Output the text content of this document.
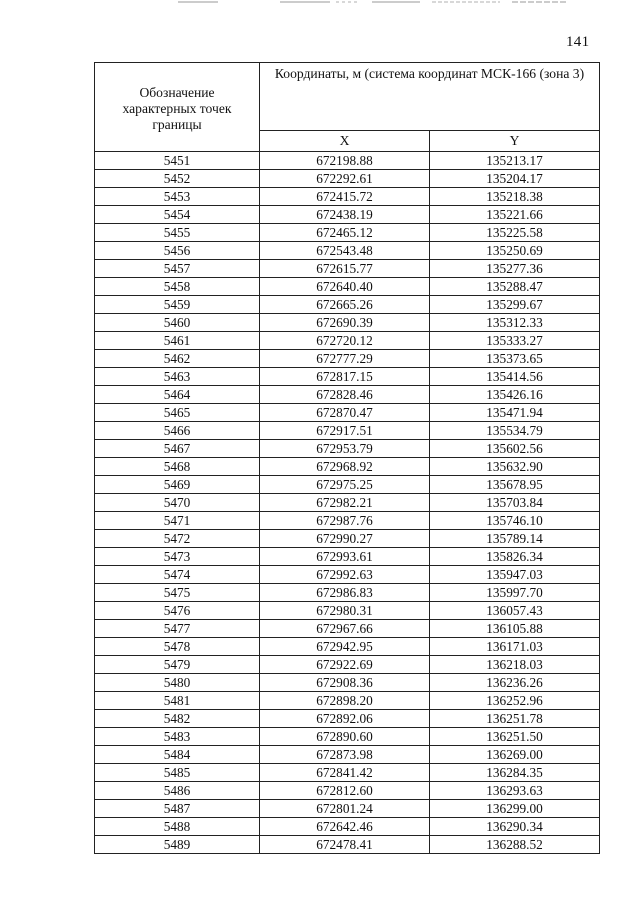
141
Обозначение характерных точек границы	Координаты, м (система координат МСК-166 (зона 3)	
	X	Y
5451	672198.88	135213.17
5452	672292.61	135204.17
5453	672415.72	135218.38
5454	672438.19	135221.66
5455	672465.12	135225.58
5456	672543.48	135250.69
5457	672615.77	135277.36
5458	672640.40	135288.47
5459	672665.26	135299.67
5460	672690.39	135312.33
5461	672720.12	135333.27
5462	672777.29	135373.65
5463	672817.15	135414.56
5464	672828.46	135426.16
5465	672870.47	135471.94
5466	672917.51	135534.79
5467	672953.79	135602.56
5468	672968.92	135632.90
5469	672975.25	135678.95
5470	672982.21	135703.84
5471	672987.76	135746.10
5472	672990.27	135789.14
5473	672993.61	135826.34
5474	672992.63	135947.03
5475	672986.83	135997.70
5476	672980.31	136057.43
5477	672967.66	136105.88
5478	672942.95	136171.03
5479	672922.69	136218.03
5480	672908.36	136236.26
5481	672898.20	136252.96
5482	672892.06	136251.78
5483	672890.60	136251.50
5484	672873.98	136269.00
5485	672841.42	136284.35
5486	672812.60	136293.63
5487	672801.24	136299.00
5488	672642.46	136290.34
5489	672478.41	136288.52
